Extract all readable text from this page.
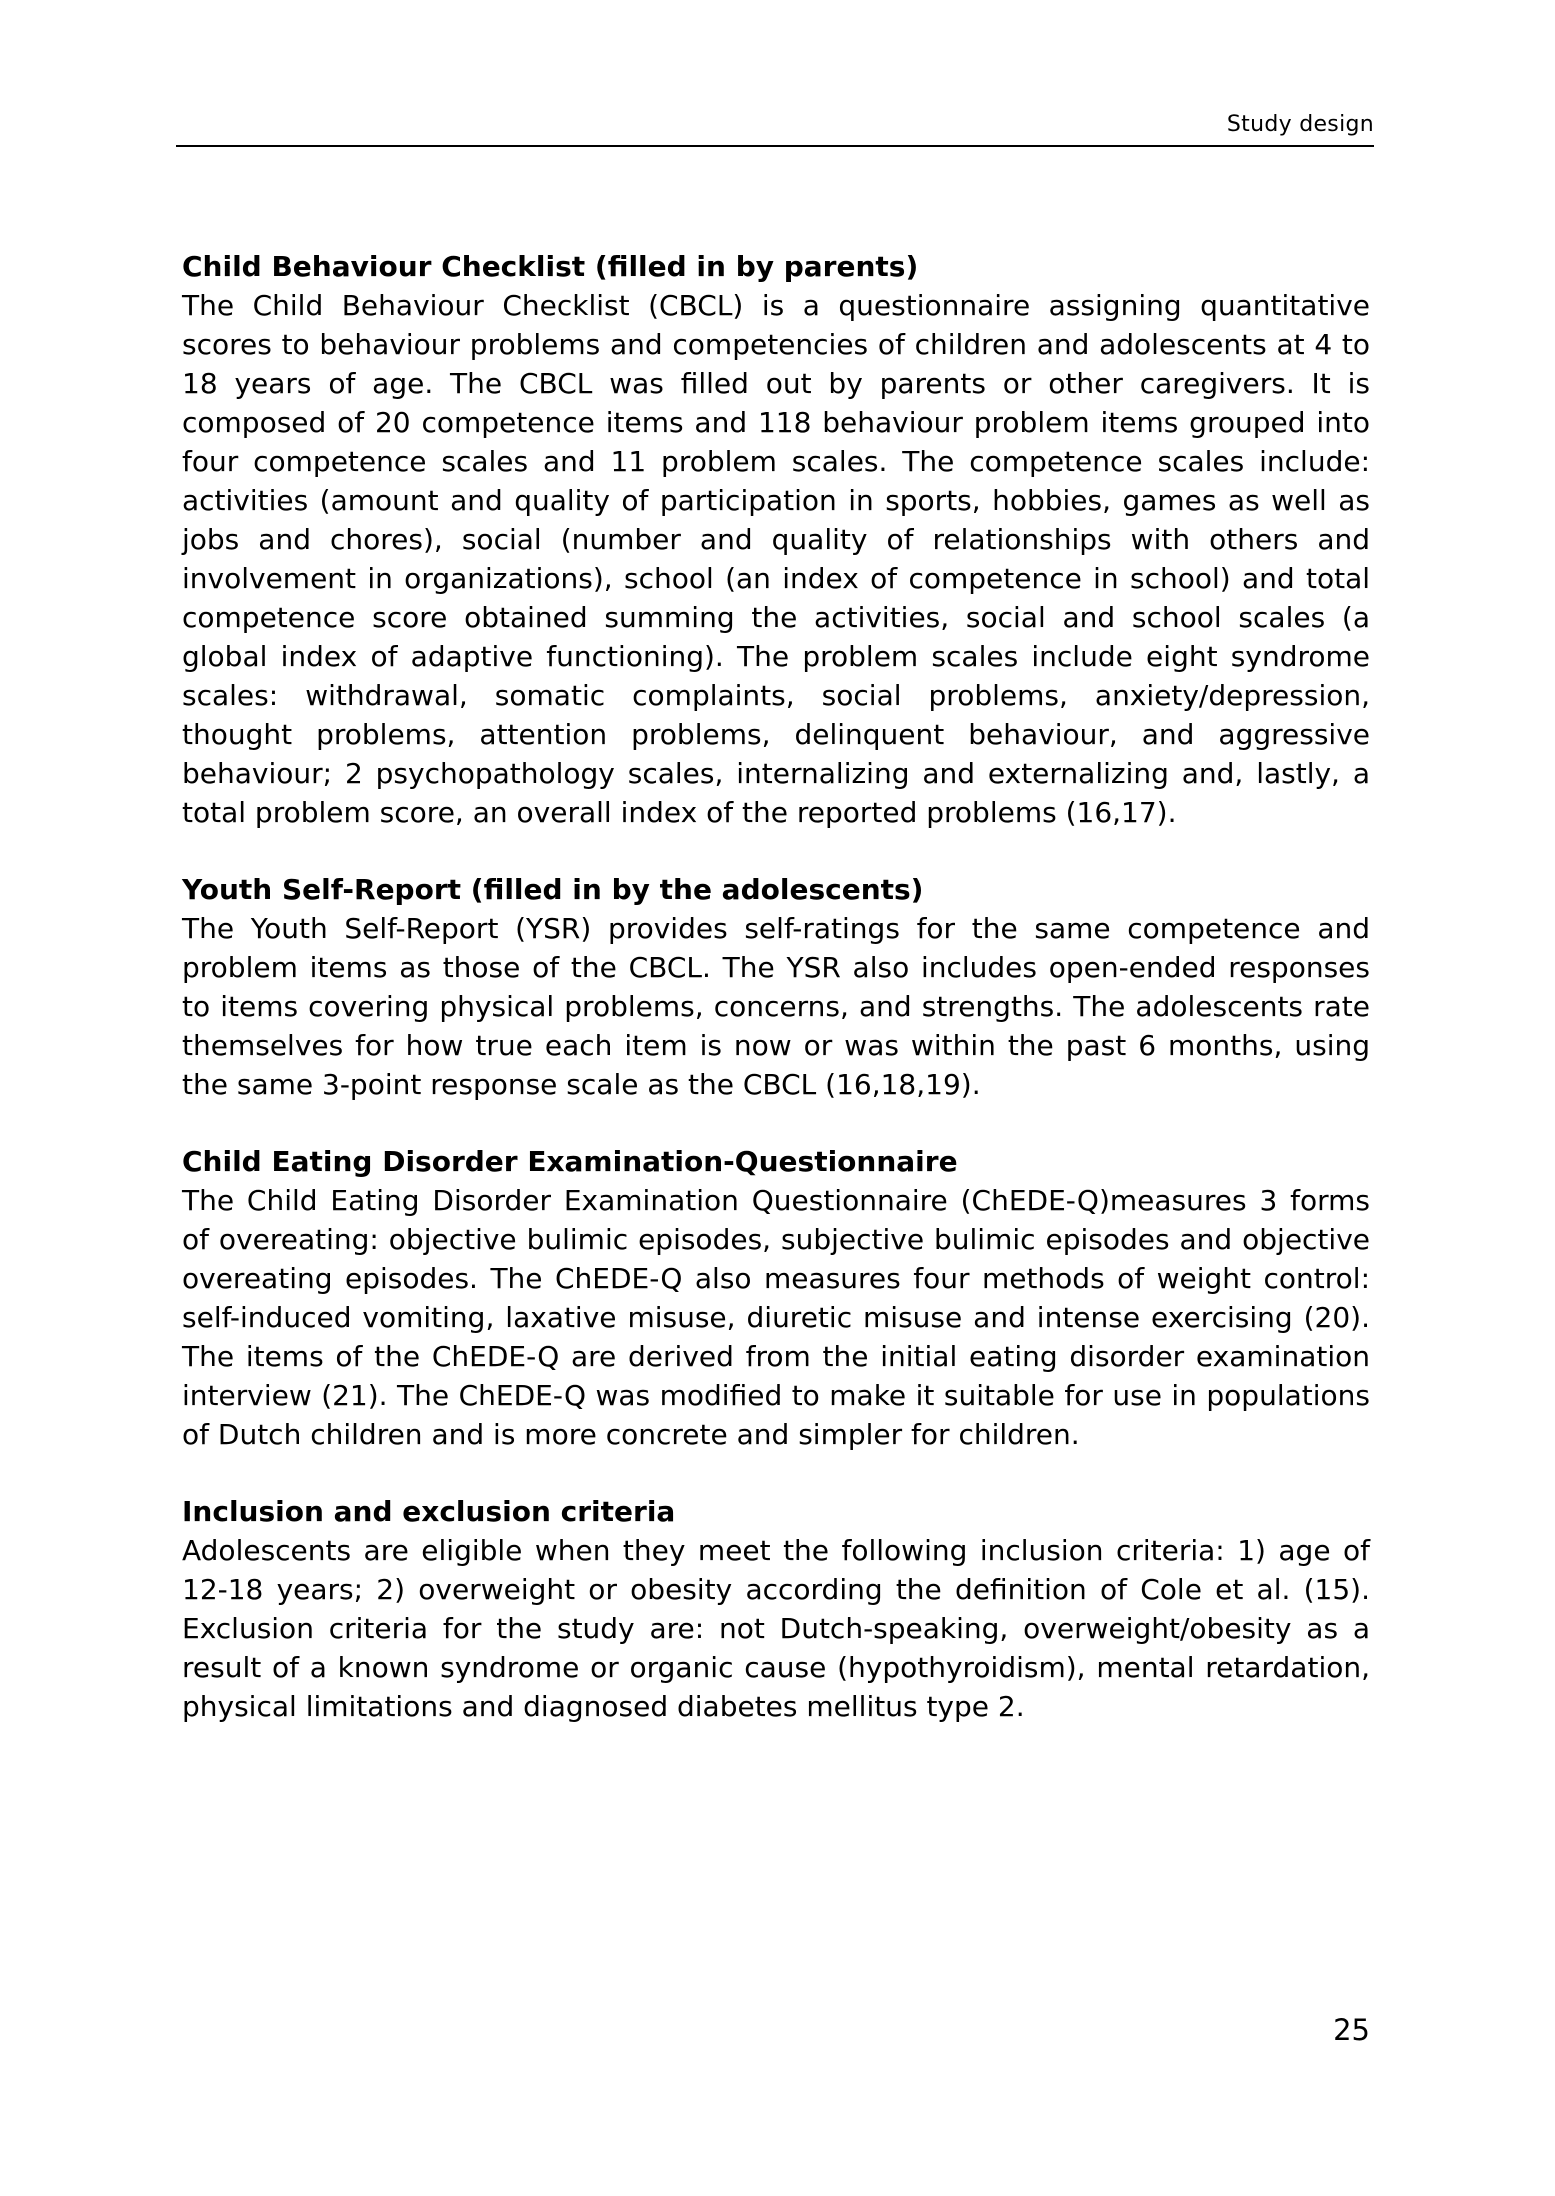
Study design

Child Behaviour Checklist (filled in by parents)

The Child Behaviour Checklist (CBCL) is a questionnaire assigning quantitative scores to behaviour problems and competencies of children and adolescents at 4 to 18 years of age. The CBCL was filled out by parents or other caregivers. It is composed of 20 competence items and 118 behaviour problem items grouped into four competence scales and 11 problem scales. The competence scales include: activities (amount and quality of participation in sports, hobbies, games as well as jobs and chores), social (number and quality of relationships with others and involvement in organizations), school (an index of competence in school) and total competence score obtained summing the activities, social and school scales (a global index of adaptive functioning). The problem scales include eight syndrome scales: withdrawal, somatic complaints, social problems, anxiety/depression, thought problems, attention problems, delinquent behaviour, and aggressive behaviour; 2 psychopathology scales, internalizing and externalizing and, lastly, a total problem score, an overall index of the reported problems (16,17).

Youth Self-Report (filled in by the adolescents)

The Youth Self-Report (YSR) provides self-ratings for the same competence and problem items as those of the CBCL. The YSR also includes open-ended responses to items covering physical problems, concerns, and strengths. The adolescents rate themselves for how true each item is now or was within the past 6 months, using the same 3-point response scale as the CBCL (16,18,19).

Child Eating Disorder Examination-Questionnaire

The Child Eating Disorder Examination Questionnaire (ChEDE-Q)measures 3 forms of overeating: objective bulimic episodes, subjective bulimic episodes and objective overeating episodes. The ChEDE-Q also measures four methods of weight control: self-induced vomiting, laxative misuse, diuretic misuse and intense exercising (20). The items of the ChEDE-Q are derived from the initial eating disorder examination interview (21). The ChEDE-Q was modified to make it suitable for use in populations of Dutch children and is more concrete and simpler for children.

Inclusion and exclusion criteria

Adolescents are eligible when they meet the following inclusion criteria: 1) age of 12-18 years; 2) overweight or obesity according the definition of Cole et al. (15). Exclusion criteria for the study are: not Dutch-speaking, overweight/obesity as a result of a known syndrome or organic cause (hypothyroidism), mental retardation, physical limitations and diagnosed diabetes mellitus type 2.

25
